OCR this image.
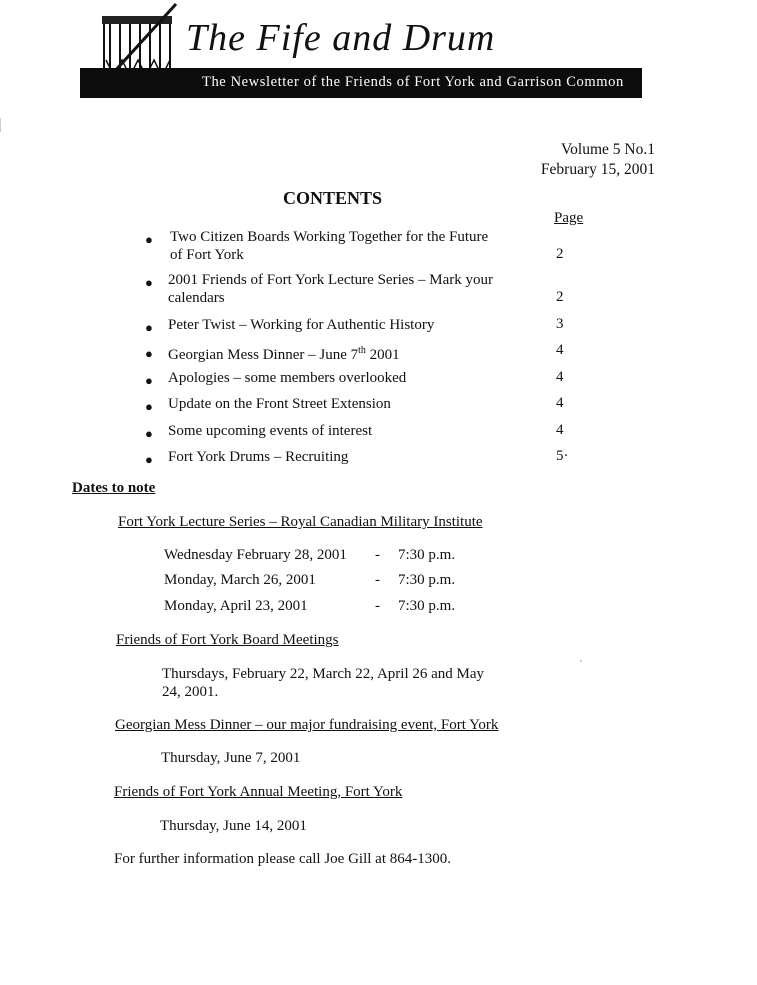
The Fife and Drum
The Newsletter of the Friends of Fort York and Garrison Common
Volume 5 No.1
February 15, 2001
CONTENTS
Page
● Two Citizen Boards Working Together for the Future
of Fort York	2
● 2001 Friends of Fort York Lecture Series – Mark your
calendars	2
● Peter Twist – Working for Authentic History	3
● Georgian Mess Dinner – June 7th 2001	4
● Apologies – some members overlooked	4
● Update on the Front Street Extension	4
● Some upcoming events of interest	4
● Fort York Drums – Recruiting	5·
Dates to note
Fort York Lecture Series – Royal Canadian Military Institute
Wednesday February 28, 2001 - 7:30 p.m.
Monday, March 26, 2001	- 7:30 p.m.
Monday, April 23, 2001	- 7:30 p.m.
Friends of Fort York Board Meetings
Thursdays, February 22, March 22, April 26 and May
24, 2001.
Georgian Mess Dinner – our major fundraising event, Fort York
Thursday, June 7, 2001
Friends of Fort York Annual Meeting, Fort York
Thursday, June 14, 2001
For further information please call Joe Gill at 864-1300.
